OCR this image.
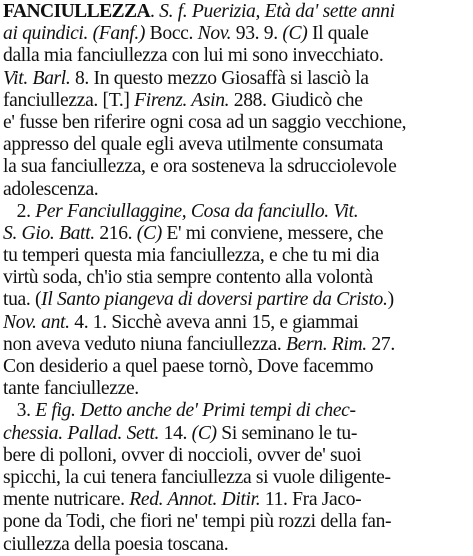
FANCIULLEZZA. S. f. Puerizia, Età da' sette anni
ai quindici. (Fanf.) Bocc. Nov. 93. 9. (C) Il quale
dalla mia fanciullezza con lui mi sono invecchiato.
Vit. Barl. 8. In questo mezzo Giosaffà si lasciò la
fanciullezza. [T.] Firenz. Asin. 288. Giudicò che
e' fusse ben riferire ogni cosa ad un saggio vecchione,
appresso del quale egli aveva utilmente consumata
la sua fanciullezza, e ora sosteneva la sdrucciolevole
adolescenza.
2. Per Fanciullaggine, Cosa da fanciullo. Vit.
S. Gio. Batt. 216. (C) E' mi conviene, messere, che
tu temperi questa mia fanciullezza, e che tu mi dia
virtù soda, ch'io stia sempre contento alla volontà
tua. (Il Santo piangeva di doversi partire da Cristo.)
Nov. ant. 4. 1. Sicchè aveva anni 15, e giammai
non aveva veduto niuna fanciullezza. Bern. Rim. 27.
Con desiderio a quel paese tornò, Dove facemmo
tante fanciullezze.
3. E fig. Detto anche de' Primi tempi di chec-
chessia. Pallad. Sett. 14. (C) Si seminano le tu-
bere di polloni, ovver di noccioli, ovver de' suoi
spicchi, la cui tenera fanciullezza si vuole diligente-
mente nutricare. Red. Annot. Ditir. 11. Fra Jaco-
pone da Todi, che fiori ne' tempi più rozzi della fan-
ciullezza della poesia toscana.
